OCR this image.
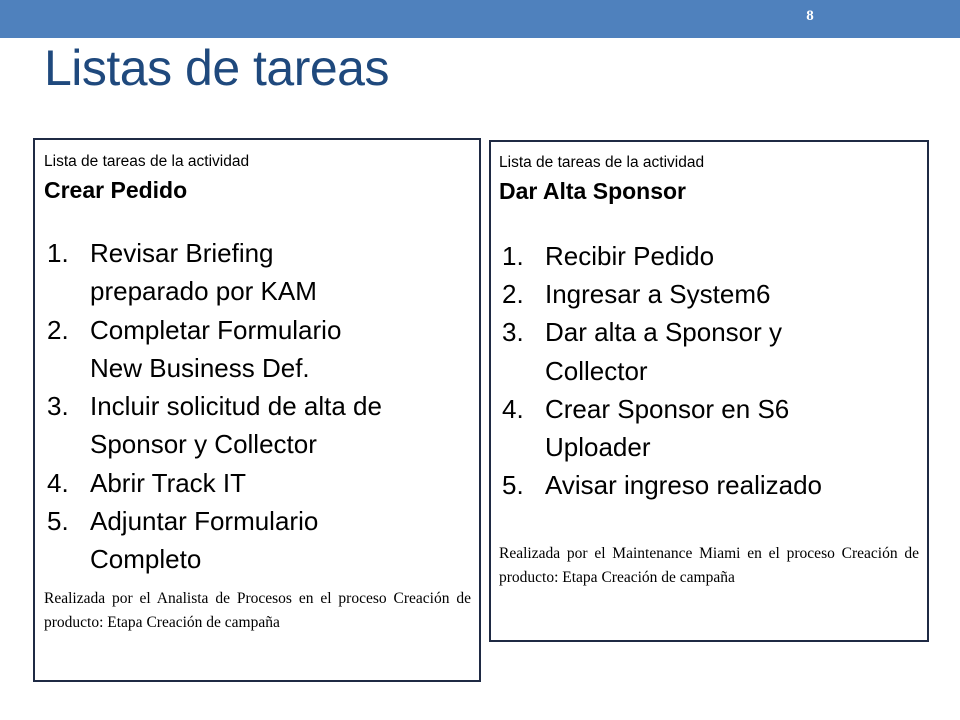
8
Listas de tareas
Lista de tareas de la actividad
Crear Pedido
1. Revisar Briefing
preparado por KAM
2. Completar Formulario
New Business Def.
3. Incluir solicitud de alta de
Sponsor y Collector
4. Abrir Track IT
5. Adjuntar Formulario
Completo
Realizada por el Analista de Procesos en el proceso Creación de producto: Etapa Creación de campaña
Lista de tareas de la actividad
Dar Alta Sponsor
1. Recibir Pedido
2. Ingresar a System6
3. Dar alta a Sponsor y
Collector
4. Crear Sponsor en S6
Uploader
5. Avisar ingreso realizado
Realizada por el Maintenance Miami en el proceso Creación de producto: Etapa Creación de campaña
